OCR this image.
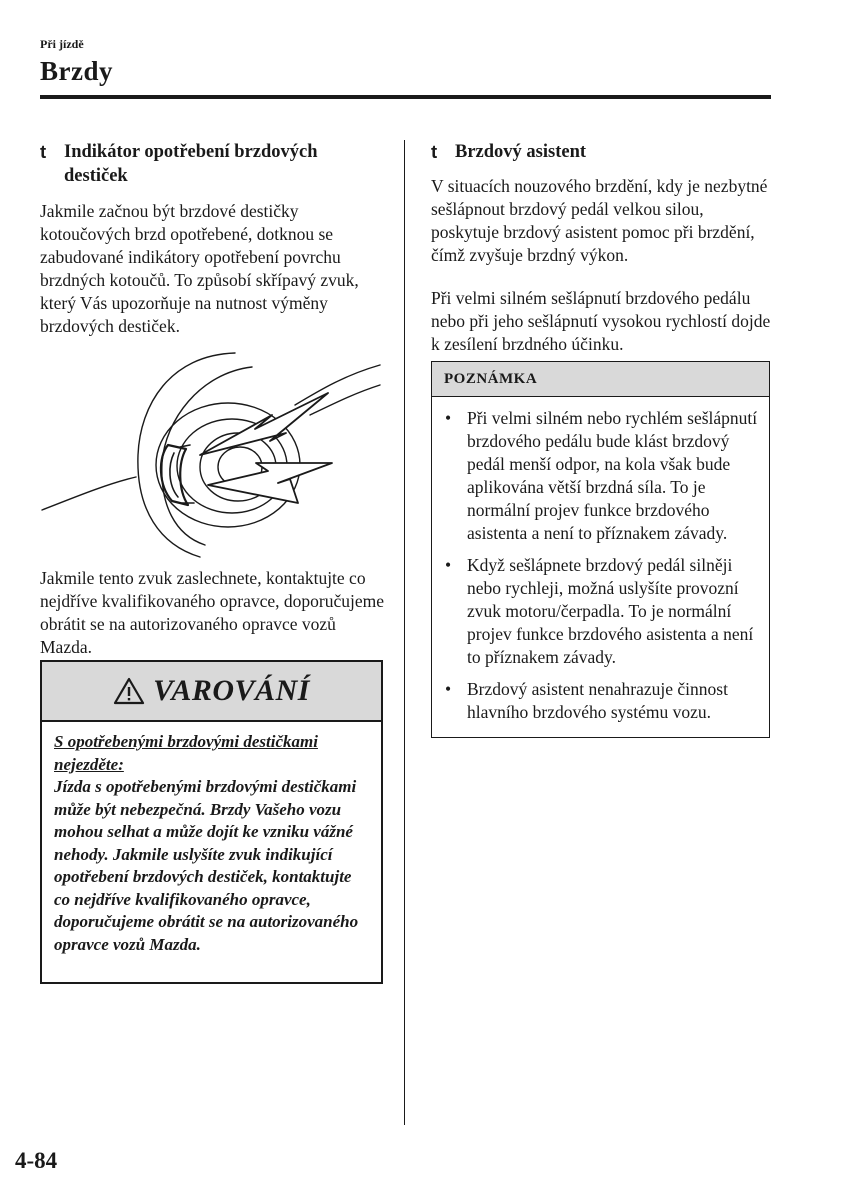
Při jízdě
Brzdy
t Indikátor opotřebení brzdových destiček
Jakmile začnou být brzdové destičky kotoučových brzd opotřebené, dotknou se zabudované indikátory opotřebení povrchu brzdných kotoučů. To způsobí skřípavý zvuk, který Vás upozorňuje na nutnost výměny brzdových destiček.
Jakmile tento zvuk zaslechnete, kontaktujte co nejdříve kvalifikovaného opravce, doporučujeme obrátit se na autorizovaného opravce vozů Mazda.
VAROVÁNÍ
S opotřebenými brzdovými destičkami nejezděte:
Jízda s opotřebenými brzdovými destičkami může být nebezpečná. Brzdy Vašeho vozu mohou selhat a může dojít ke vzniku vážné nehody. Jakmile uslyšíte zvuk indikující opotřebení brzdových destiček, kontaktujte co nejdříve kvalifikovaného opravce, doporučujeme obrátit se na autorizovaného opravce vozů Mazda.
t Brzdový asistent
V situacích nouzového brzdění, kdy je nezbytné sešlápnout brzdový pedál velkou silou, poskytuje brzdový asistent pomoc při brzdění, čímž zvyšuje brzdný výkon.
Při velmi silném sešlápnutí brzdového pedálu nebo při jeho sešlápnutí vysokou rychlostí dojde k zesílení brzdného účinku.
POZNÁMKA
• Při velmi silném nebo rychlém sešlápnutí brzdového pedálu bude klást brzdový pedál menší odpor, na kola však bude aplikována větší brzdná síla. To je normální projev funkce brzdového asistenta a není to příznakem závady.
• Když sešlápnete brzdový pedál silněji nebo rychleji, možná uslyšíte provozní zvuk motoru/čerpadla. To je normální projev funkce brzdového asistenta a není to příznakem závady.
• Brzdový asistent nenahrazuje činnost hlavního brzdového systému vozu.
4-84
